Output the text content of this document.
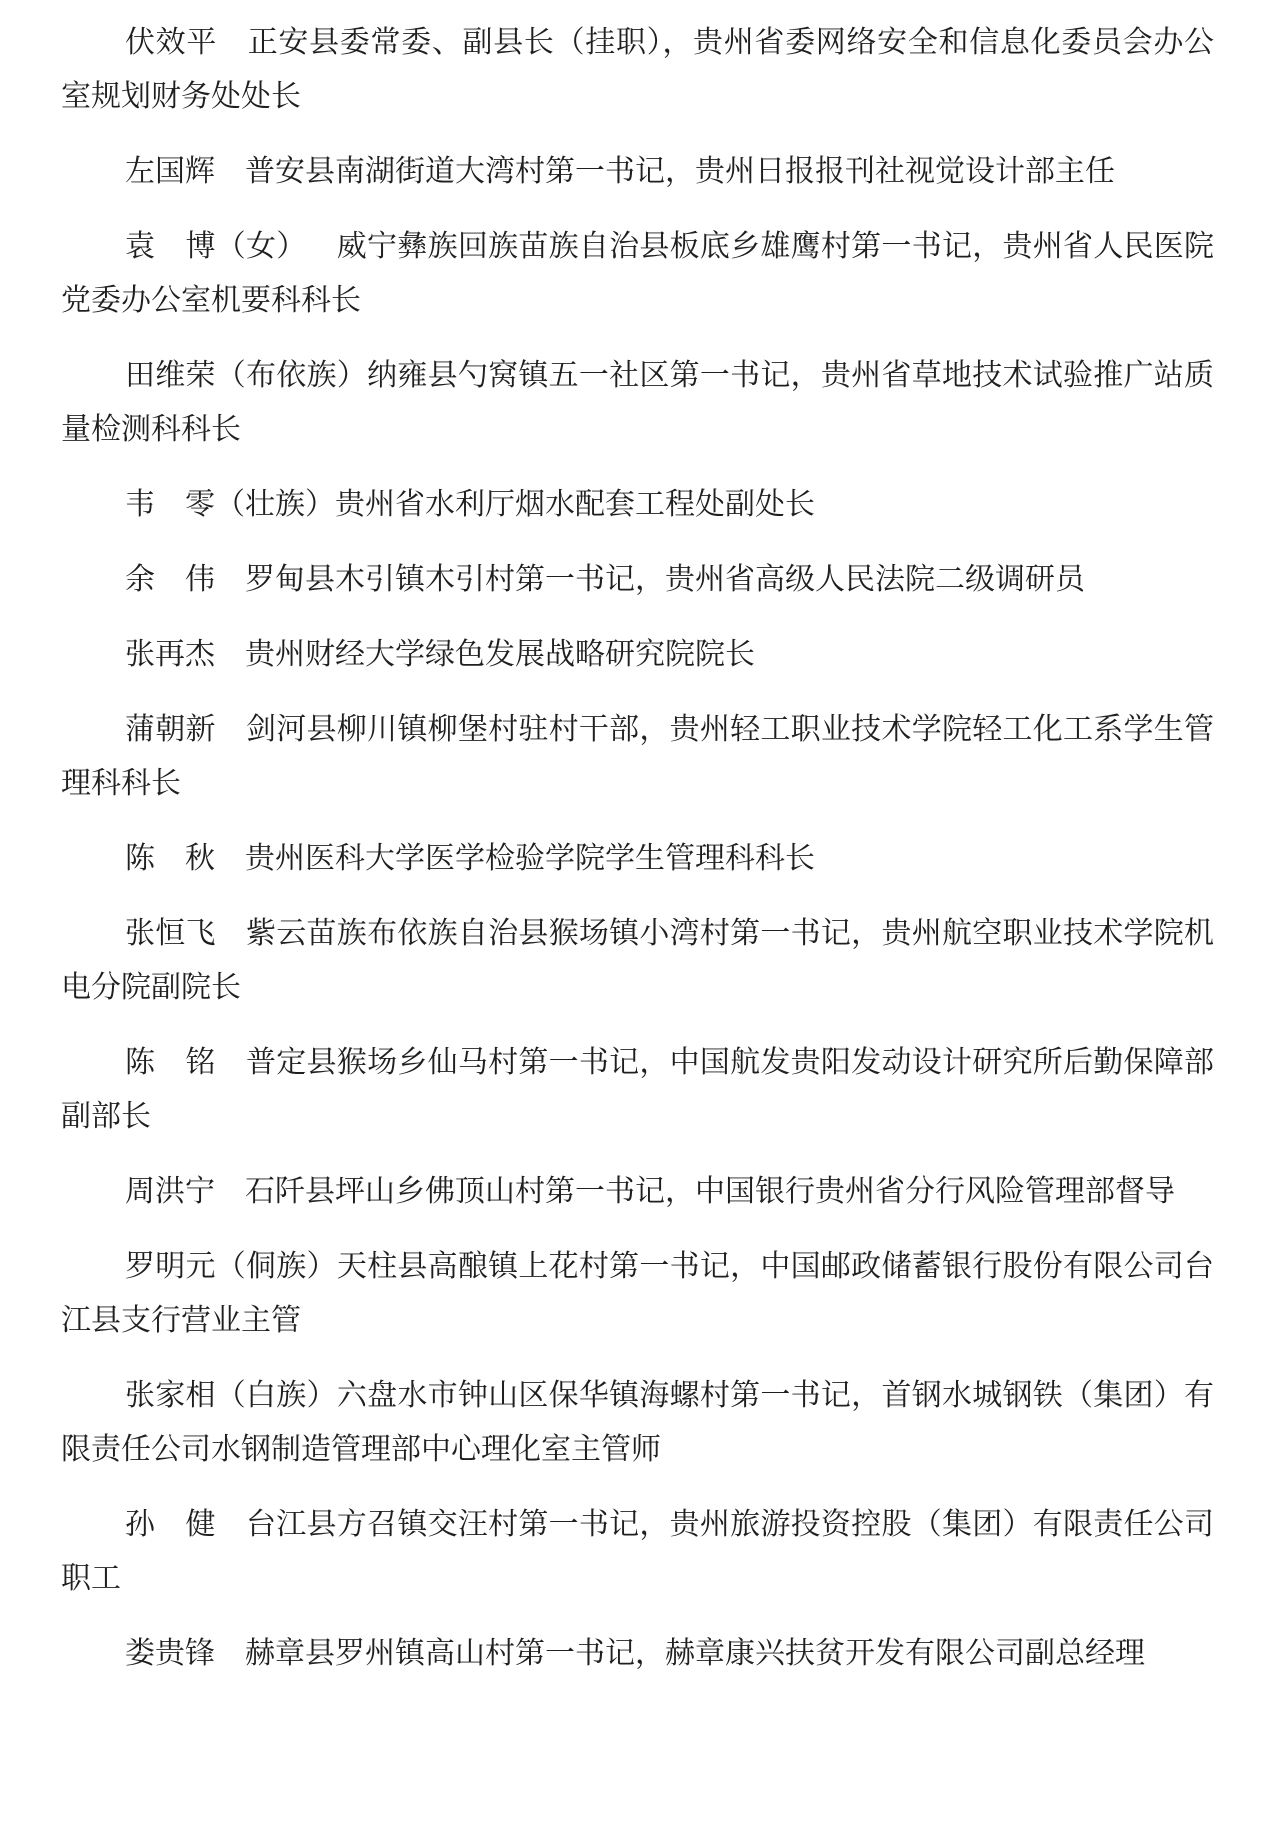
伏效平 正安县委常委、副县长（挂职），贵州省委网络安全和信息化委员会办公室规划财务处处长

左国辉 普安县南湖街道大湾村第一书记，贵州日报报刊社视觉设计部主任

袁　博（女） 威宁彝族回族苗族自治县板底乡雄鹰村第一书记，贵州省人民医院党委办公室机要科科长

田维荣（布依族）纳雍县勺窝镇五一社区第一书记，贵州省草地技术试验推广站质量检测科科长

韦　零（壮族）贵州省水利厅烟水配套工程处副处长

余　伟 罗甸县木引镇木引村第一书记，贵州省高级人民法院二级调研员

张再杰 贵州财经大学绿色发展战略研究院院长

蒲朝新 剑河县柳川镇柳堡村驻村干部，贵州轻工职业技术学院轻工化工系学生管理科科长

陈　秋 贵州医科大学医学检验学院学生管理科科长

张恒飞 紫云苗族布依族自治县猴场镇小湾村第一书记，贵州航空职业技术学院机电分院副院长

陈　铭 普定县猴场乡仙马村第一书记，中国航发贵阳发动设计研究所后勤保障部副部长

周洪宁 石阡县坪山乡佛顶山村第一书记，中国银行贵州省分行风险管理部督导

罗明元（侗族）天柱县高酿镇上花村第一书记，中国邮政储蓄银行股份有限公司台江县支行营业主管

张家相（白族）六盘水市钟山区保华镇海螺村第一书记，首钢水城钢铁（集团）有限责任公司水钢制造管理部中心理化室主管师

孙　健 台江县方召镇交汪村第一书记，贵州旅游投资控股（集团）有限责任公司职工

娄贵锋 赫章县罗州镇高山村第一书记，赫章康兴扶贫开发有限公司副总经理
